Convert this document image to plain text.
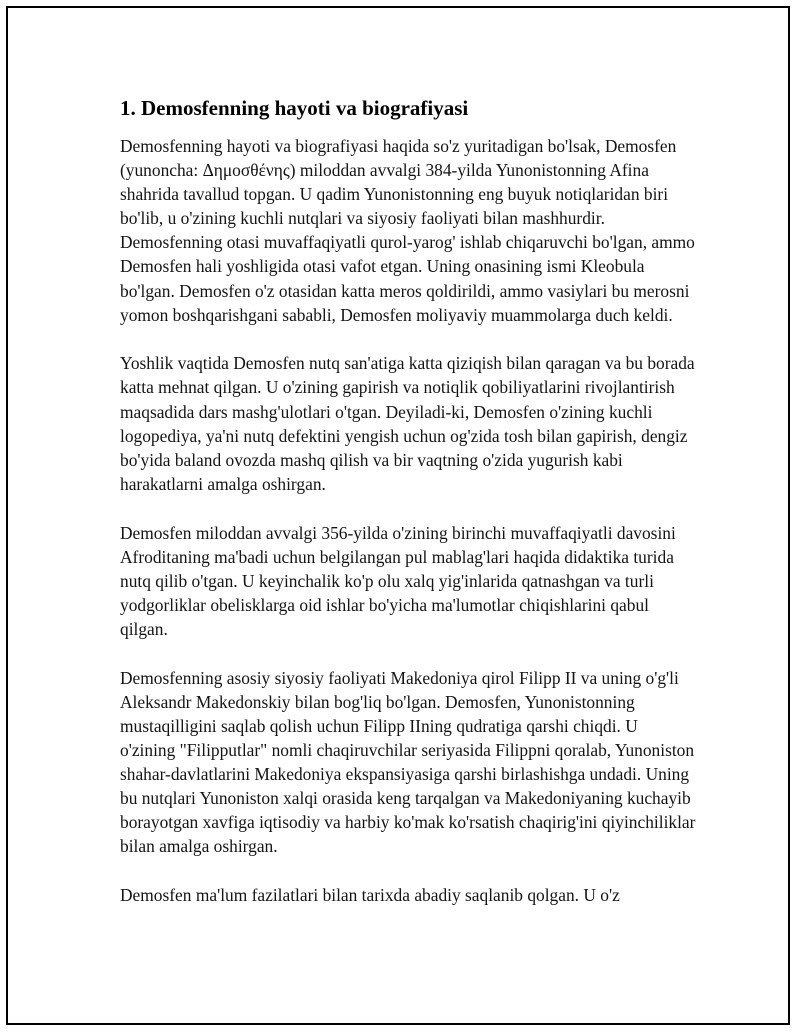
1. Demosfenning hayoti va biografiyasi

Demosfenning hayoti va biografiyasi haqida so'z yuritadigan bo'lsak, Demosfen (yunoncha: Δημοσθένης) miloddan avvalgi 384-yilda Yunonistonning Afina shahrida tavallud topgan. U qadim Yunonistonning eng buyuk notiqlaridan biri bo'lib, u o'zining kuchli nutqlari va siyosiy faoliyati bilan mashhurdir. Demosfenning otasi muvaffaqiyatli qurol-yarog' ishlab chiqaruvchi bo'lgan, ammo Demosfen hali yoshligida otasi vafot etgan. Uning onasining ismi Kleobula bo'lgan. Demosfen o'z otasidan katta meros qoldirildi, ammo vasiylari bu merosni yomon boshqarishgani sababli, Demosfen moliyaviy muammolarga duch keldi.

Yoshlik vaqtida Demosfen nutq san'atiga katta qiziqish bilan qaragan va bu borada katta mehnat qilgan. U o'zining gapirish va notiqlik qobiliyatlarini rivojlantirish maqsadida dars mashg'ulotlari o'tgan. Deyiladi-ki, Demosfen o'zining kuchli logopediya, ya'ni nutq defektini yengish uchun og'zida tosh bilan gapirish, dengiz bo'yida baland ovozda mashq qilish va bir vaqtning o'zida yugurish kabi harakatlarni amalga oshirgan.

Demosfen miloddan avvalgi 356-yilda o'zining birinchi muvaffaqiyatli davosini Afroditaning ma'badi uchun belgilangan pul mablag'lari haqida didaktika turida nutq qilib o'tgan. U keyinchalik ko'p olu xalq yig'inlarida qatnashgan va turli yodgorliklar obelisklarga oid ishlar bo'yicha ma'lumotlar chiqishlarini qabul qilgan.

Demosfenning asosiy siyosiy faoliyati Makedoniya qirol Filipp II va uning o'g'li Aleksandr Makedonskiy bilan bog'liq bo'lgan. Demosfen, Yunonistonning mustaqilligini saqlab qolish uchun Filipp IIning qudratiga qarshi chiqdi. U o'zining "Filipputlar" nomli chaqiruvchilar seriyasida Filippni qoralab, Yunoniston shahar-davlatlarini Makedoniya ekspansiyasiga qarshi birlashishga undadi. Uning bu nutqlari Yunoniston xalqi orasida keng tarqalgan va Makedoniyaning kuchayib borayotgan xavfiga iqtisodiy va harbiy ko'mak ko'rsatish chaqirig'ini qiyinchiliklar bilan amalga oshirgan.

Demosfen ma'lum fazilatlari bilan tarixda abadiy saqlanib qolgan. U o'z
